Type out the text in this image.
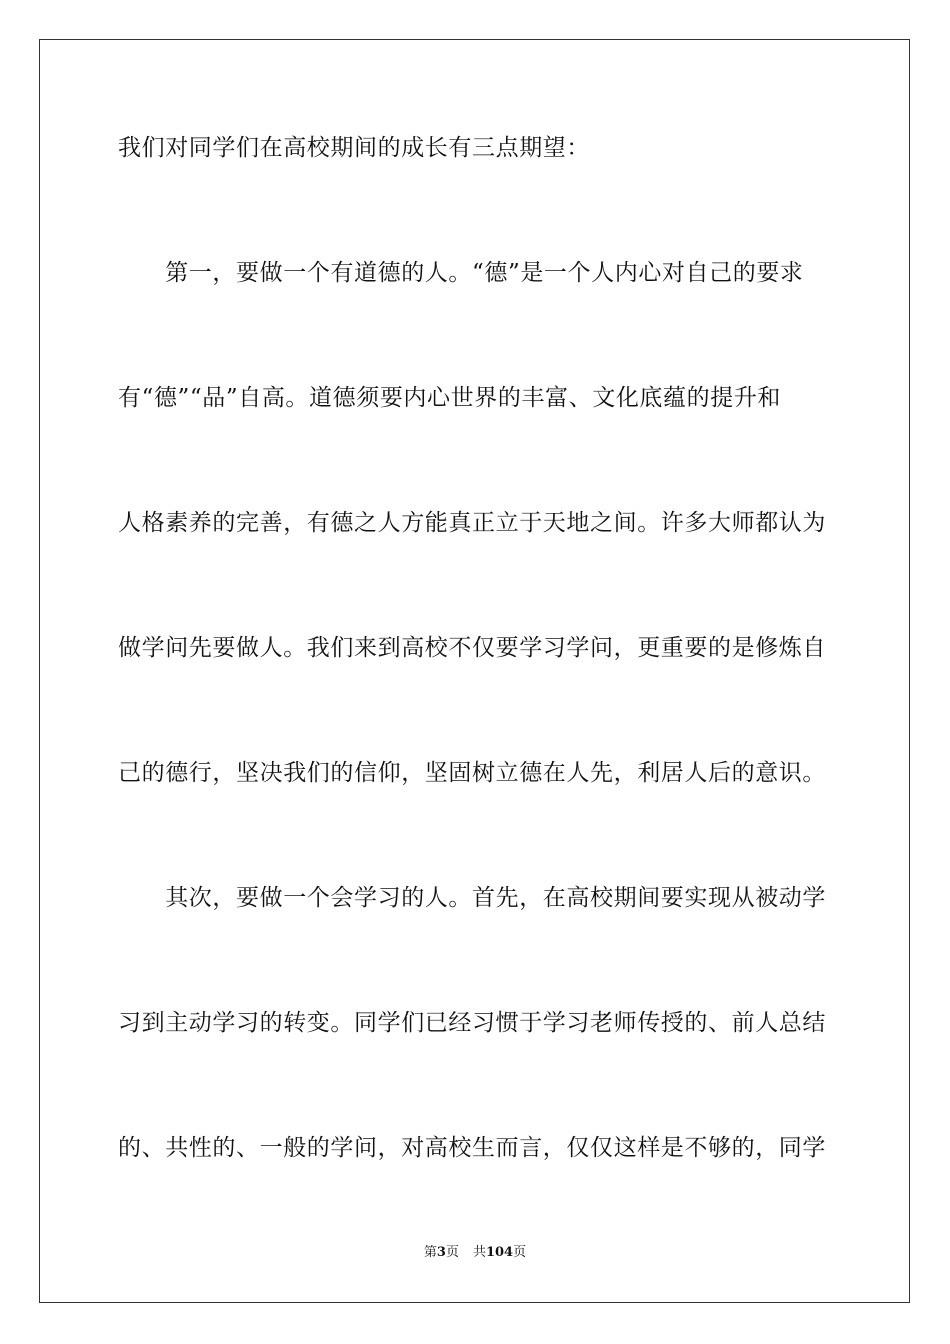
我们对同学们在高校期间的成长有三点期望：
　　第一，要做一个有道德的人。“德”是一个人内心对自己的要求
有“德”“品”自高。道德须要内心世界的丰富、文化底蕴的提升和
人格素养的完善，有德之人方能真正立于天地之间。许多大师都认为
做学问先要做人。我们来到高校不仅要学习学问，更重要的是修炼自
己的德行，坚决我们的信仰，坚固树立德在人先，利居人后的意识。
　　其次，要做一个会学习的人。首先，在高校期间要实现从被动学
习到主动学习的转变。同学们已经习惯于学习老师传授的、前人总结
的、共性的、一般的学问，对高校生而言，仅仅这样是不够的，同学
第3页 共104页
